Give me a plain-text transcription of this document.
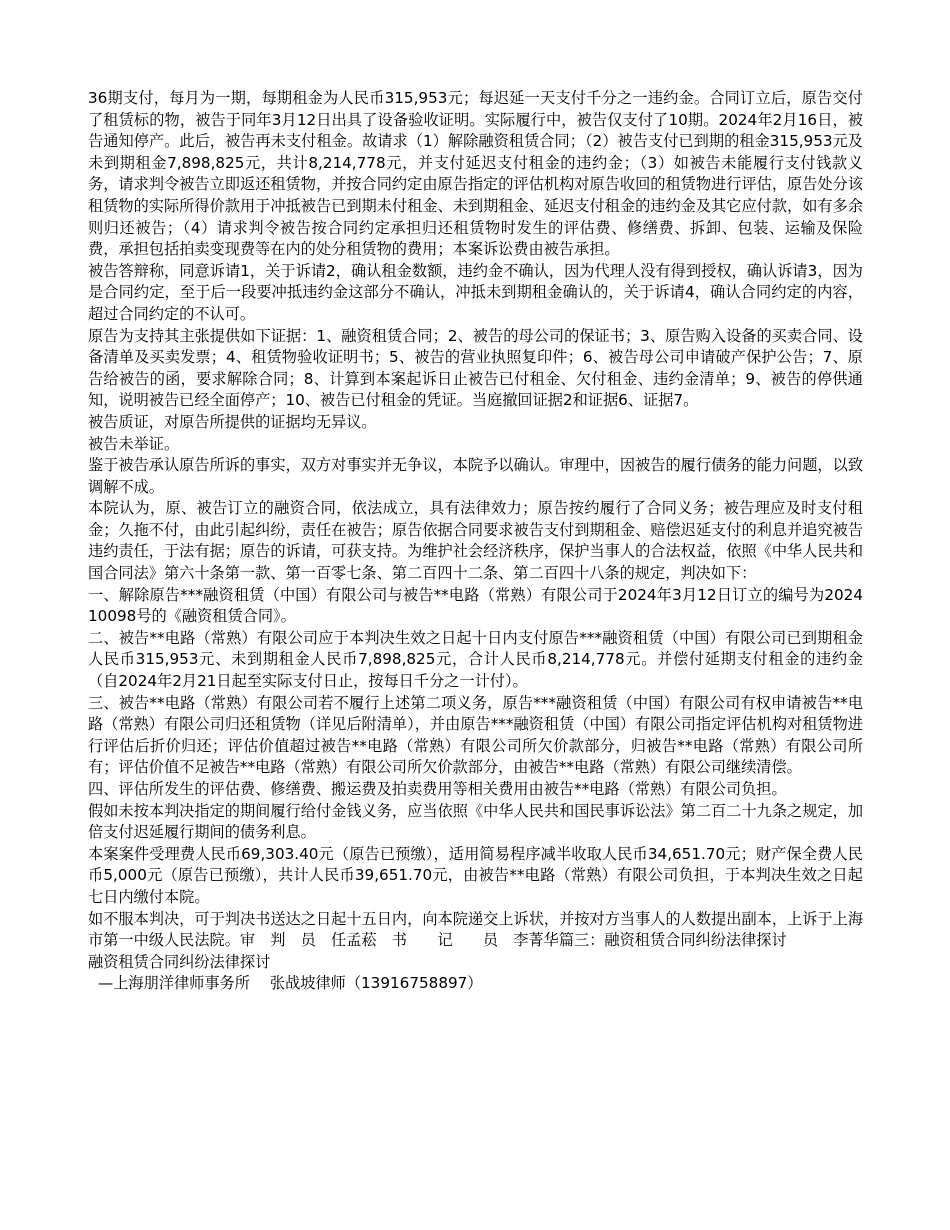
36期支付，每月为一期，每期租金为人民币315,953元；每迟延一天支付千分之一违约金。合同订立后，原告交付了租赁标的物，被告于同年3月12日出具了设备验收证明。实际履行中，被告仅支付了10期。2024年2月16日，被告通知停产。此后，被告再未支付租金。故请求（1）解除融资租赁合同；（2）被告支付已到期的租金315,953元及未到期租金7,898,825元，共计8,214,778元，并支付延迟支付租金的违约金；（3）如被告未能履行支付钱款义务，请求判令被告立即返还租赁物，并按合同约定由原告指定的评估机构对原告收回的租赁物进行评估，原告处分该租赁物的实际所得价款用于冲抵被告已到期未付租金、未到期租金、延迟支付租金的违约金及其它应付款，如有多余则归还被告；（4）请求判令被告按合同约定承担归还租赁物时发生的评估费、修缮费、拆卸、包装、运输及保险费，承担包括拍卖变现费等在内的处分租赁物的费用；本案诉讼费由被告承担。

被告答辩称，同意诉请1，关于诉请2，确认租金数额，违约金不确认，因为代理人没有得到授权，确认诉请3，因为是合同约定，至于后一段要冲抵违约金这部分不确认，冲抵未到期租金确认的，关于诉请4，确认合同约定的内容，超过合同约定的不认可。

原告为支持其主张提供如下证据：1、融资租赁合同；2、被告的母公司的保证书；3、原告购入设备的买卖合同、设备清单及买卖发票；4、租赁物验收证明书；5、被告的营业执照复印件；6、被告母公司申请破产保护公告；7、原告给被告的函，要求解除合同；8、计算到本案起诉日止被告已付租金、欠付租金、违约金清单；9、被告的停供通知，说明被告已经全面停产；10、被告已付租金的凭证。当庭撤回证据2和证据6、证据7。

被告质证，对原告所提供的证据均无异议。

被告未举证。

鉴于被告承认原告所诉的事实，双方对事实并无争议，本院予以确认。审理中，因被告的履行债务的能力问题，以致调解不成。

本院认为，原、被告订立的融资合同，依法成立，具有法律效力；原告按约履行了合同义务；被告理应及时支付租金；久拖不付，由此引起纠纷，责任在被告；原告依据合同要求被告支付到期租金、赔偿迟延支付的利息并追究被告违约责任，于法有据；原告的诉请，可获支持。为维护社会经济秩序，保护当事人的合法权益，依照《中华人民共和国合同法》第六十条第一款、第一百零七条、第二百四十二条、第二百四十八条的规定，判决如下：

一、解除原告***融资租赁（中国）有限公司与被告**电路（常熟）有限公司于2024年3月12日订立的编号为202410098号的《融资租赁合同》。

二、被告**电路（常熟）有限公司应于本判决生效之日起十日内支付原告***融资租赁（中国）有限公司已到期租金人民币315,953元、未到期租金人民币7,898,825元，合计人民币8,214,778元。并偿付延期支付租金的违约金（自2024年2月21日起至实际支付日止，按每日千分之一计付）。

三、被告**电路（常熟）有限公司若不履行上述第二项义务，原告***融资租赁（中国）有限公司有权申请被告**电路（常熟）有限公司归还租赁物（详见后附清单），并由原告***融资租赁（中国）有限公司指定评估机构对租赁物进行评估后折价归还；评估价值超过被告**电路（常熟）有限公司所欠价款部分，归被告**电路（常熟）有限公司所有；评估价值不足被告**电路（常熟）有限公司所欠价款部分，由被告**电路（常熟）有限公司继续清偿。

四、评估所发生的评估费、修缮费、搬运费及拍卖费用等相关费用由被告**电路（常熟）有限公司负担。

假如未按本判决指定的期间履行给付金钱义务，应当依照《中华人民共和国民事诉讼法》第二百二十九条之规定，加倍支付迟延履行期间的债务利息。

本案案件受理费人民币69,303.40元（原告已预缴），适用简易程序减半收取人民币34,651.70元；财产保全费人民币5,000元（原告已预缴），共计人民币39,651.70元，由被告**电路（常熟）有限公司负担，于本判决生效之日起七日内缴付本院。

如不服本判决，可于判决书送达之日起十五日内，向本院递交上诉状，并按对方当事人的人数提出副本，上诉于上海市第一中级人民法院。审　判　员　任孟菘　书　　记　　员　李菁华篇三：融资租赁合同纠纷法律探讨

融资租赁合同纠纷法律探讨

—上海朋洋律师事务所　 张战坡律师（13916758897）
